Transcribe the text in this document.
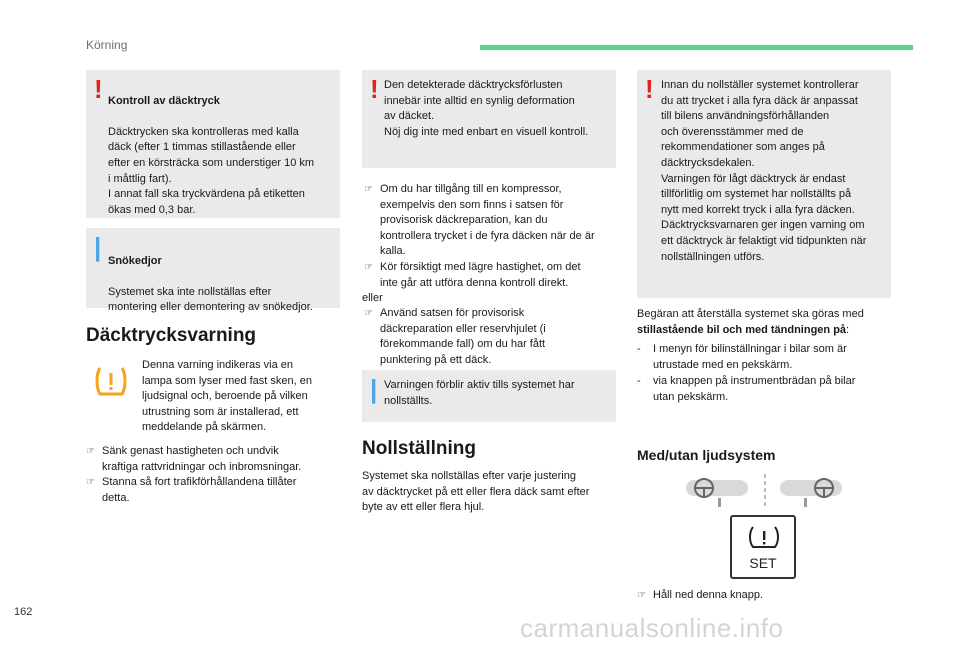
Körning
! Kontroll av däcktryck

Däcktrycken ska kontrolleras med kalla
däck (efter 1 timmas stillastående eller
efter en körsträcka som understiger 10 km
i måttlig fart).
I annat fall ska tryckvärdena på etiketten
ökas med 0,3 bar.

| Snökedjor

Systemet ska inte nollställas efter
montering eller demontering av snökedjor.

Däcktrycksvarning
Denna varning indikeras via en
lampa som lyser med fast sken, en
ljudsignal och, beroende på vilken
utrustning som är installerad, ett
meddelande på skärmen.
☞ Sänk genast hastigheten och undvik
kraftiga rattvridningar och inbromsningar.
☞ Stanna så fort trafikförhållandena tillåter
detta.
! Den detekterade däcktrycksförlusten
innebär inte alltid en synlig deformation
av däcket.
Nöj dig inte med enbart en visuell kontroll.
☞ Om du har tillgång till en kompressor,
exempelvis den som finns i satsen för
provisorisk däckreparation, kan du
kontrollera trycket i de fyra däcken när de är
kalla.
☞ Kör försiktigt med lägre hastighet, om det
inte går att utföra denna kontroll direkt.
eller
☞ Använd satsen för provisorisk
däckreparation eller reservhjulet (i
förekommande fall) om du har fått
punktering på ett däck.
| Varningen förblir aktiv tills systemet har
nollställts.
Nollställning
Systemet ska nollställas efter varje justering
av däcktrycket på ett eller flera däck samt efter
byte av ett eller flera hjul.
! Innan du nollställer systemet kontrollerar
du att trycket i alla fyra däck är anpassat
till bilens användningsförhållanden
och överensstämmer med de
rekommendationer som anges på
däcktrycksdekalen.
Varningen för lågt däcktryck är endast
tillförlitlig om systemet har nollställts på
nytt med korrekt tryck i alla fyra däcken.
Däcktrycksvarnaren ger ingen varning om
ett däcktryck är felaktigt vid tidpunkten när
nollställningen utförs.
Begäran att återställa systemet ska göras med
stillastående bil och med tändningen på:
-	I menyn för bilinställningar i bilar som är
utrustade med en pekskärm.
-	via knappen på instrumentbrädan på bilar
utan pekskärm.
Med/utan ljudsystem
SET
☞ Håll ned denna knapp.
162
carmanualsonline.info
